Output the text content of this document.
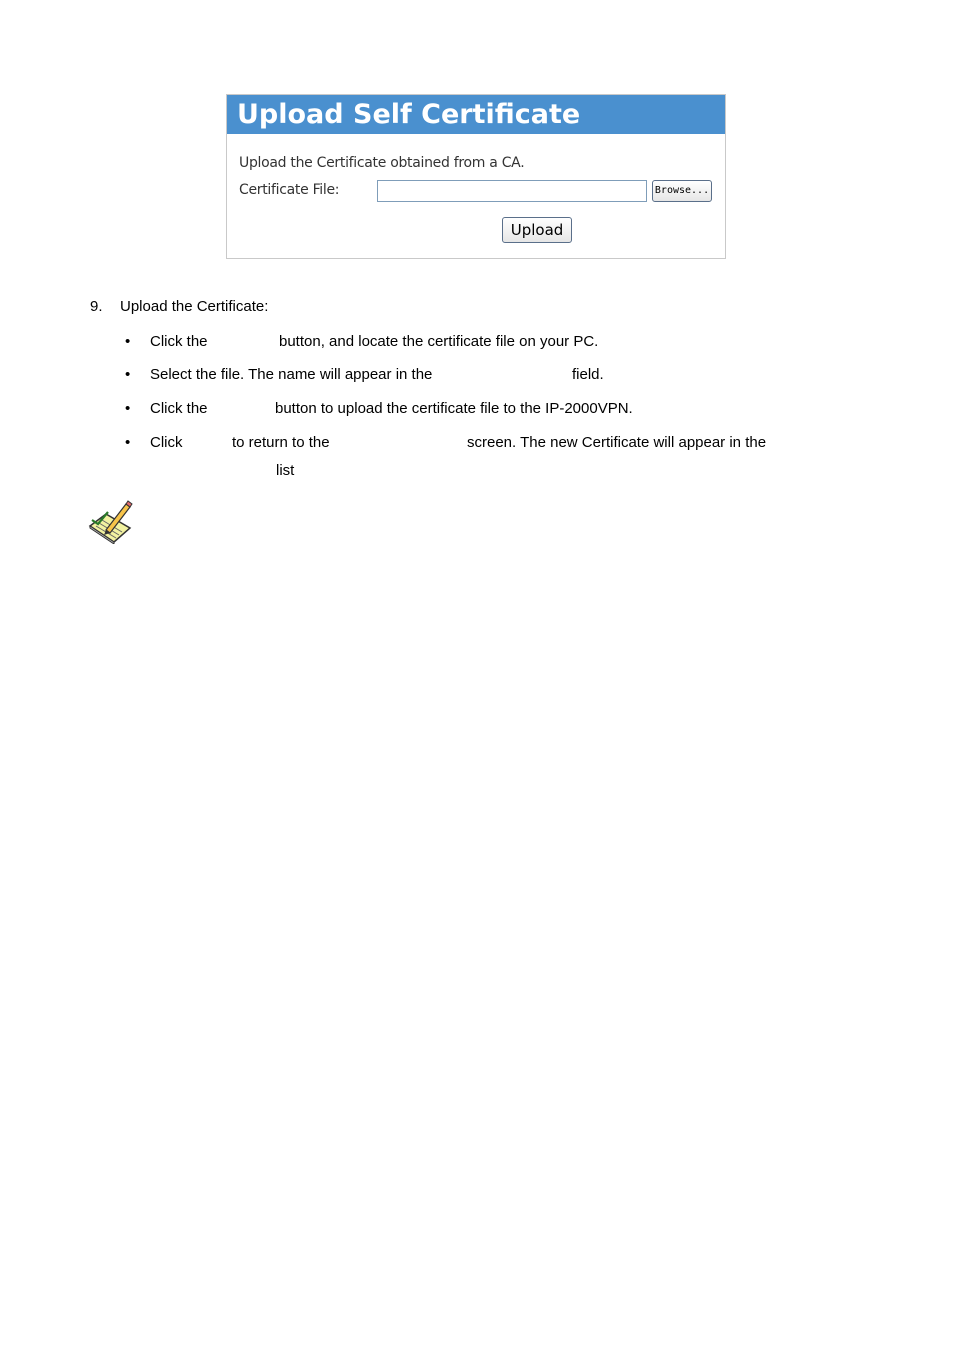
Upload Self Certificate
Upload the Certificate obtained from a CA.
Certificate File:	Browse...
Upload
9. Upload the Certificate:
• Click the	button, and locate the certificate file on your PC.
• Select the file. The name will appear in the	field.
• Click the	button to upload the certificate file to the IP-2000VPN.
• Click	to return to the	screen. The new Certificate will appear in the
list
